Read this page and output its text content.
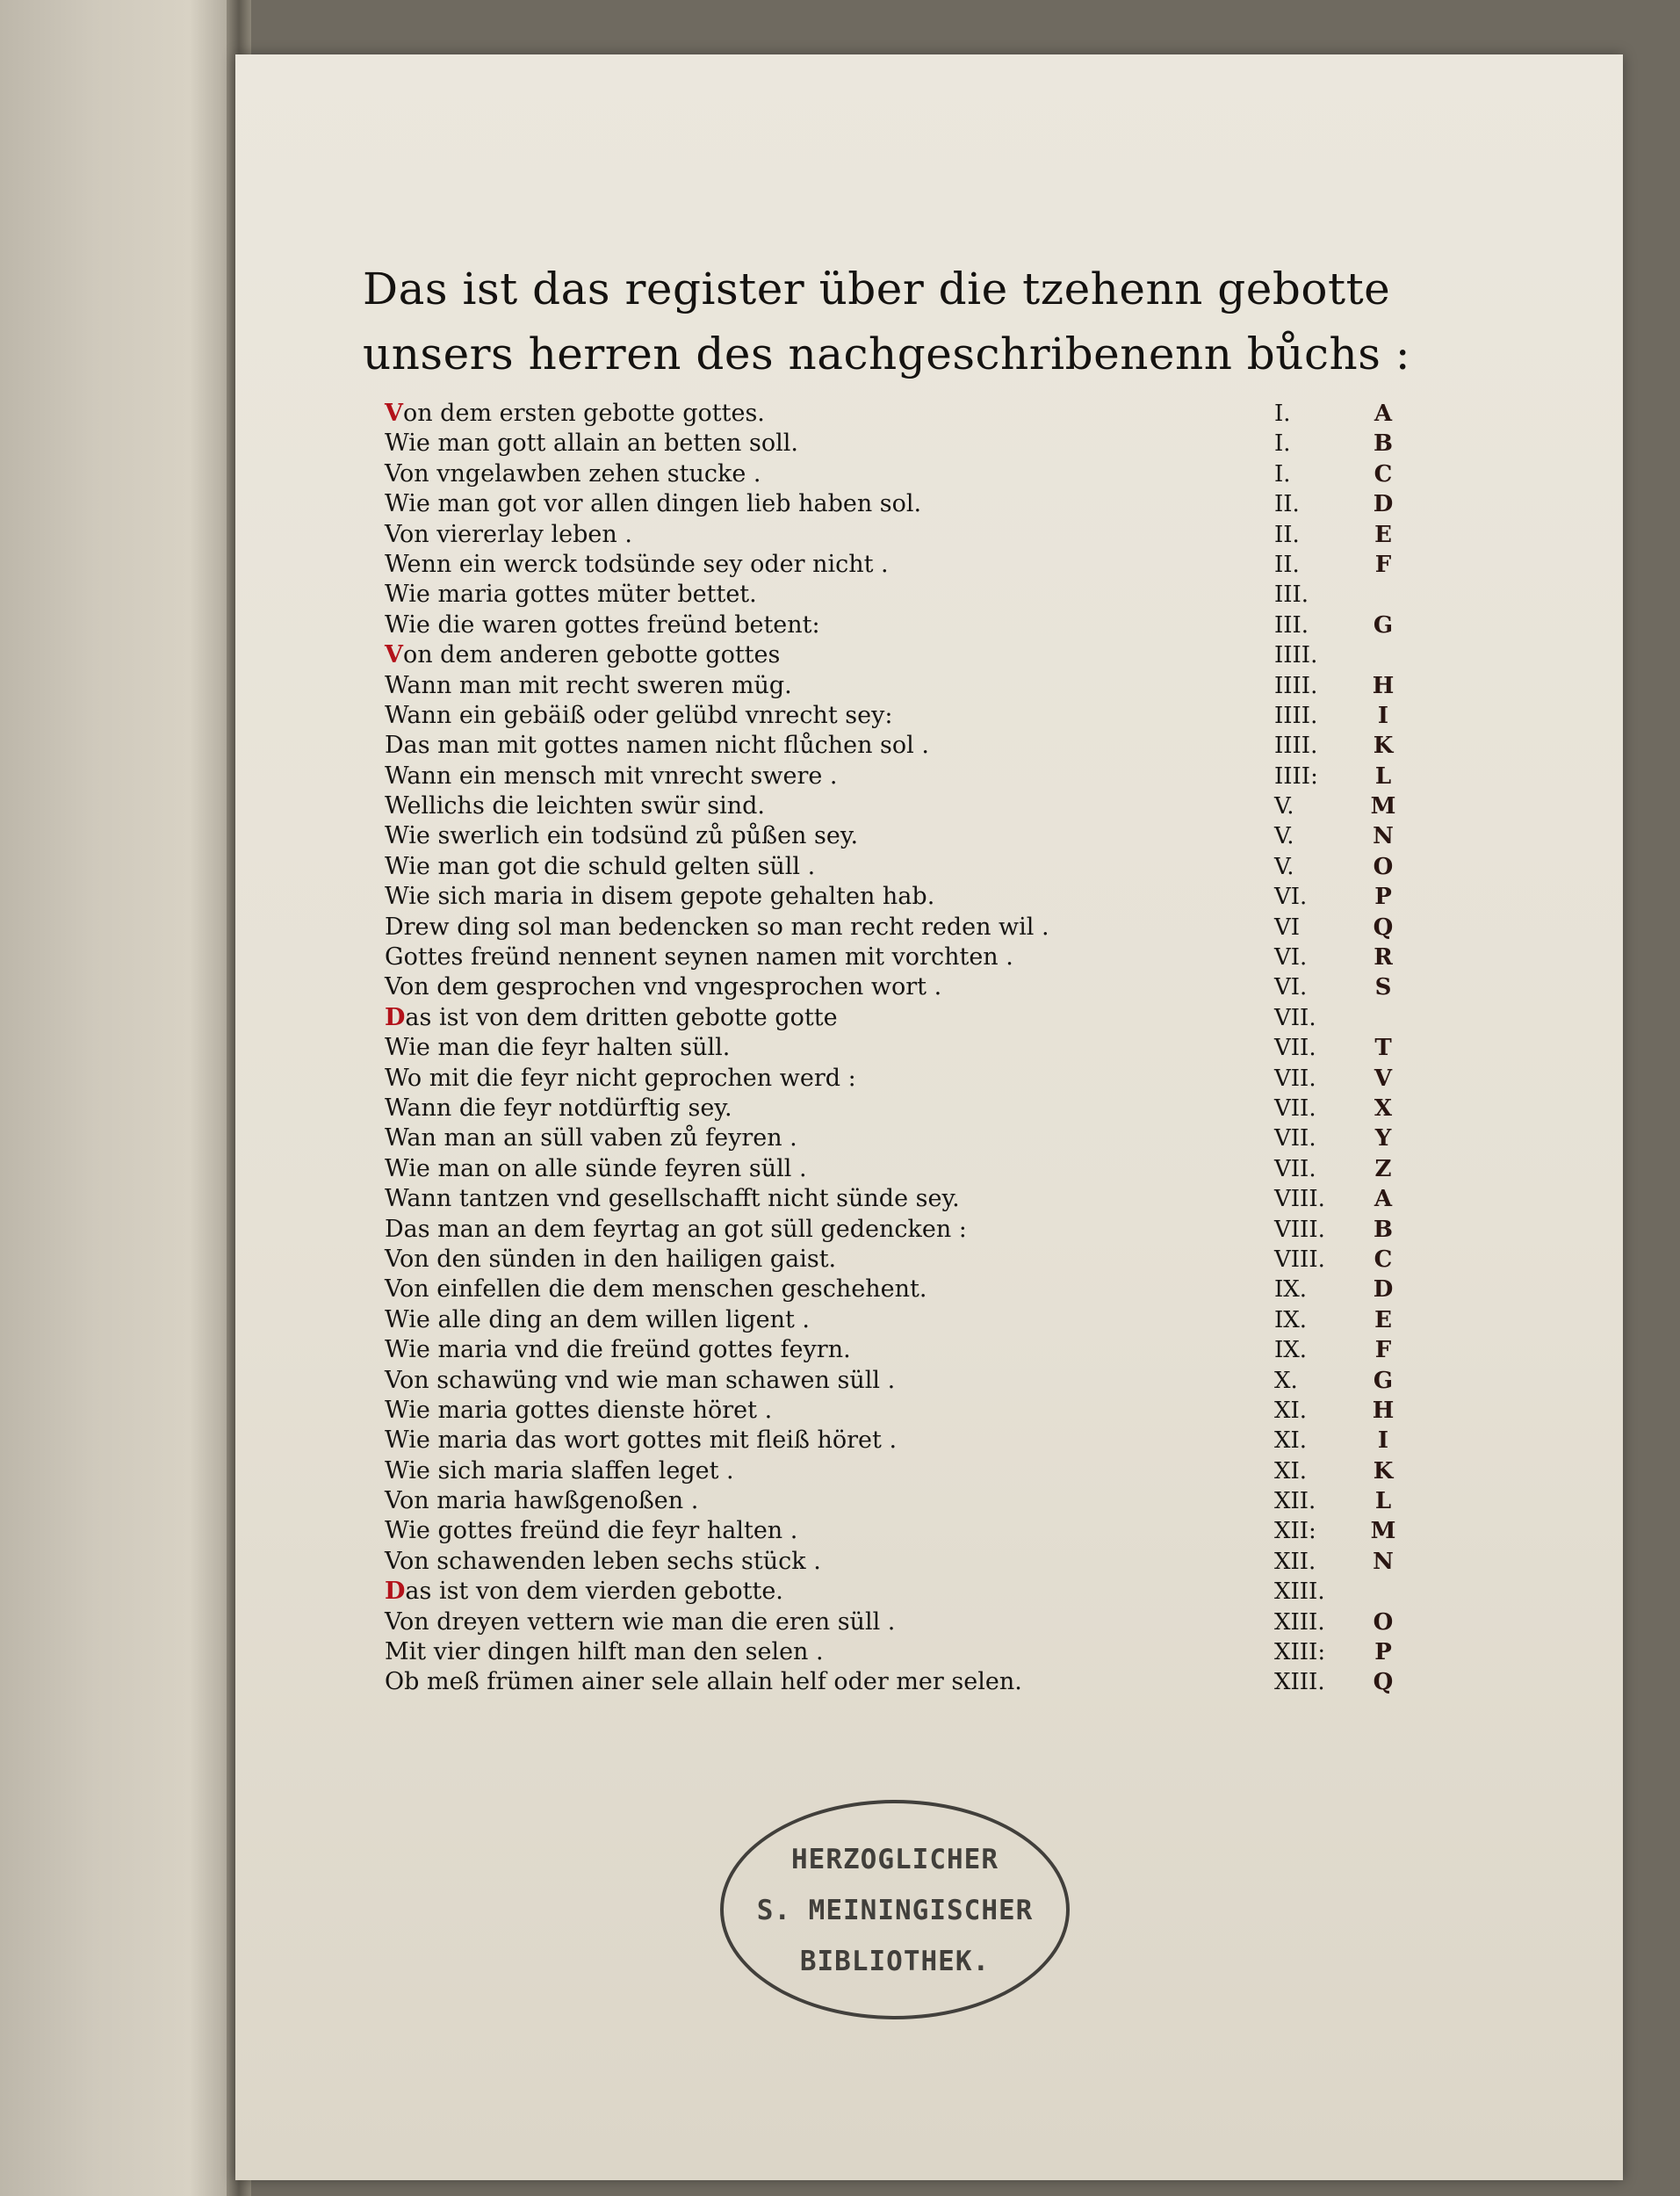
Das ist das register über die tzehenn gebotte
unsers herren des nachgeschribenenn bůchs :
Von dem ersten gebotte gottes.	I.	A
Wie man gott allain an betten soll.	I.	B
Von vngelawben zehen stucke .	I.	C
Wie man got vor allen dingen lieb haben sol.	II.	D
Von viererlay leben .	II.	E
Wenn ein werck todsünde sey oder nicht .	II.	F
Wie maria gottes müter bettet.	III.
Wie die waren gottes freünd betent:	III.	G
Von dem anderen gebotte gottes	IIII.
Wann man mit recht sweren müg.	IIII. H
Wann ein gebäiß oder gelübd vnrecht sey:	IIII.	I
Das man mit gottes namen nicht flůchen sol .	IIII.	K
Wann ein mensch mit vnrecht swere .	IIII:	L
Wellichs die leichten swür sind.	V.	M
Wie swerlich ein todsünd zů půßen sey.	V.	N
Wie man got die schuld gelten süll .	V.	O
Wie sich maria in disem gepote gehalten hab.	VI.	P
Drew ding sol man bedencken so man recht reden wil .	VI	Q
Gottes freünd nennent seynen namen mit vorchten .	VI.	R
Von dem gesprochen vnd vngesprochen wort .	VI.	S
Das ist von dem dritten gebotte gotte	VII.
Wie man die feyr halten süll.	VII.	T
Wo mit die feyr nicht geprochen werd :	VII.	V
Wann die feyr notdürftig sey.	VII.	X
Wan man an süll vaben zů feyren .	VII.	Y
Wie man on alle sünde feyren süll .	VII.	Z
Wann tantzen vnd gesellschafft nicht sünde sey.	VIII.	A
Das man an dem feyrtag an got süll gedencken :	VIII.	B
Von den sünden in den hailigen gaist.	VIII.	C
Von einfellen die dem menschen geschehent.	IX.	D
Wie alle ding an dem willen ligent .	IX.	E
Wie maria vnd die freünd gottes feyrn.	IX.	F
Von schawüng vnd wie man schawen süll .	X.	G
Wie maria gottes dienste höret .	XI.	H
Wie maria das wort gottes mit fleiß höret .	XI.	I
Wie sich maria slaffen leget .	XI.	K
Von maria hawßgenoßen .	XII.	L
Wie gottes freünd die feyr halten .	XII: M
Von schawenden leben sechs stück .	XII.	N
Das ist von dem vierden gebotte.	XIII.
Von dreyen vettern wie man die eren süll .	XIII.	O
Mit vier dingen hilft man den selen .	XIII:	P
Ob meß frümen ainer sele allain helf oder mer selen.	XIII.	Q
HERZOGLICHER
S. MEININGISCHER
BIBLIOTHEK.
